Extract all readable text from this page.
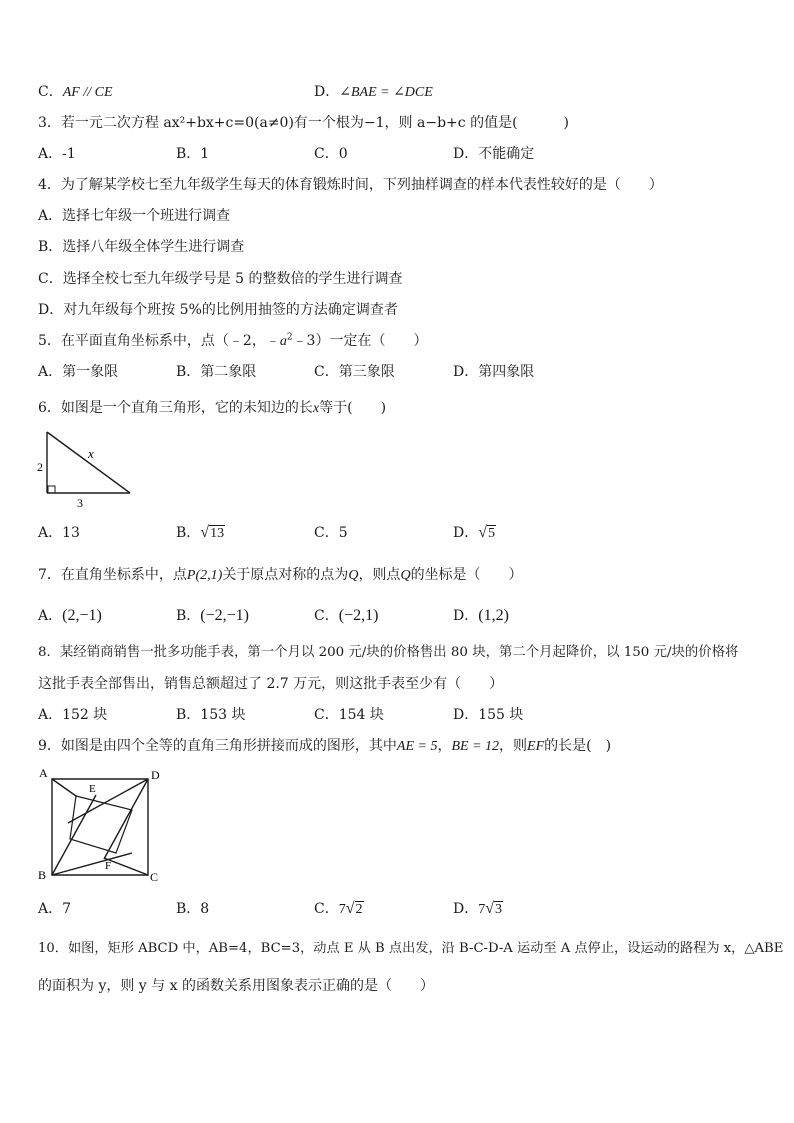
C．AF // CE	D．∠BAE = ∠DCE
3．若一元二次方程 ax²+bx+c=0(a≠0)有一个根为−1，则 a−b+c 的值是(	)
A．-1	B．1	C．0	D．不能确定
4．为了解某学校七至九年级学生每天的体育锻炼时间，下列抽样调查的样本代表性较好的是（　　）
A．选择七年级一个班进行调查
B．选择八年级全体学生进行调查
C．选择全校七至九年级学号是 5 的整数倍的学生进行调查
D．对九年级每个班按 5%的比例用抽签的方法确定调查者
5．在平面直角坐标系中，点（﹣2，$﹣a^2﹣3$）一定在（　　）
A．第一象限	B．第二象限	C．第三象限	D．第四象限
6．如图是一个直角三角形，它的未知边的长x等于(　　)
2
3
x
A．13	B．√13	C．5	D．√5
7．在直角坐标系中，点P(2,1)关于原点对称的点为Q，则点Q的坐标是（　　）
A．(2,−1)	B．(−2,−1)	C．(−2,1)	D．(1,2)
8．某经销商销售一批多功能手表，第一个月以 200 元/块的价格售出 80 块，第二个月起降价，以 150 元/块的价格将
这批手表全部售出，销售总额超过了 2.7 万元，则这批手表至少有（　　）
A．152 块	B．153 块	C．154 块	D．155 块
9．如图是由四个全等的直角三角形拼接而成的图形，其中AE = 5，BE = 12，则EF的长是(　)
A	D
B	C
E
F
A．7	B．8	C．7√2	D．7√3
10．如图，矩形 ABCD 中，AB=4，BC=3，动点 E 从 B 点出发，沿 B-C-D-A 运动至 A 点停止，设运动的路程为 x，△ABE
的面积为 y，则 y 与 x 的函数关系用图象表示正确的是（　　）
